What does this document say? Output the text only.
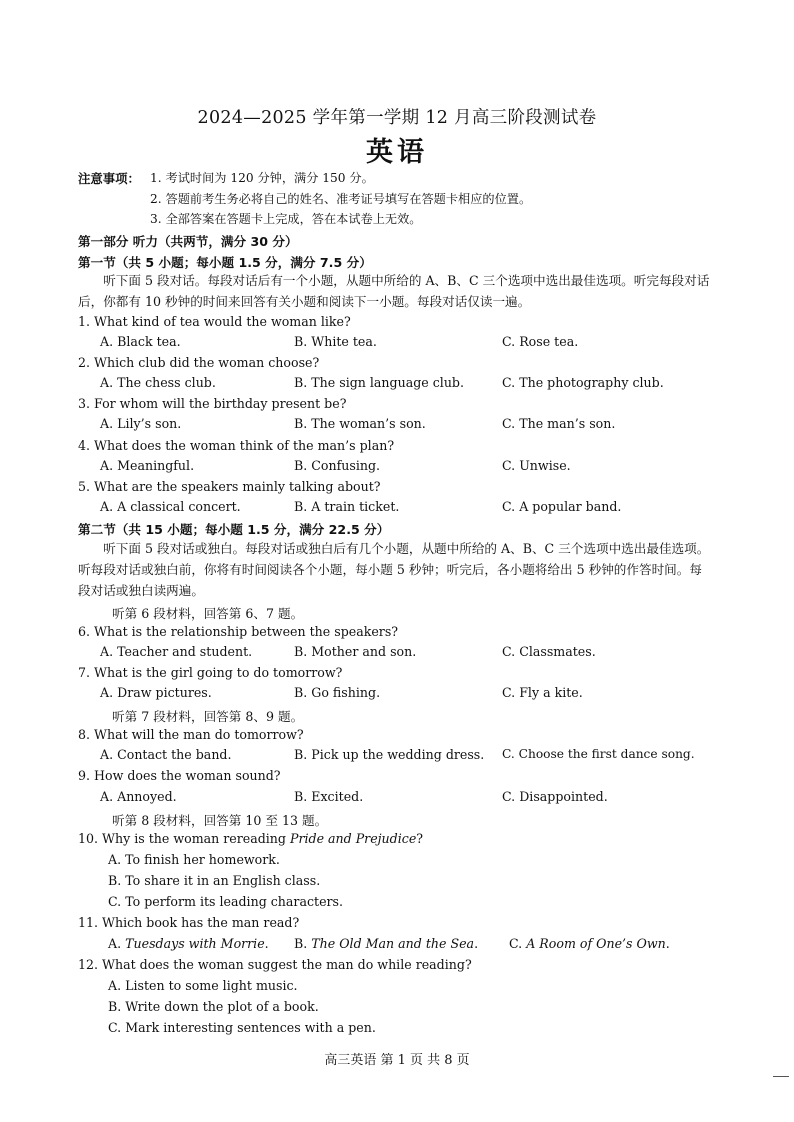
2024—2025 学年第一学期 12 月高三阶段测试卷
英语
注意事项： 1. 考试时间为 120 分钟，满分 150 分。
2. 答题前考生务必将自己的姓名、准考证号填写在答题卡相应的位置。
3. 全部答案在答题卡上完成，答在本试卷上无效。
第一部分 听力（共两节，满分 30 分）
第一节（共 5 小题；每小题 1.5 分，满分 7.5 分）
听下面 5 段对话。每段对话后有一个小题，从题中所给的 A、B、C 三个选项中选出最佳选项。听完每段对话后，你都有 10 秒钟的时间来回答有关小题和阅读下一小题。每段对话仅读一遍。
1. What kind of tea would the woman like?
A. Black tea.	B. White tea.	C. Rose tea.
2. Which club did the woman choose?
A. The chess club.	B. The sign language club.	C. The photography club.
3. For whom will the birthday present be?
A. Lily’s son.	B. The woman’s son.	C. The man’s son.
4. What does the woman think of the man’s plan?
A. Meaningful.	B. Confusing.	C. Unwise.
5. What are the speakers mainly talking about?
A. A classical concert.	B. A train ticket.	C. A popular band.
第二节（共 15 小题；每小题 1.5 分，满分 22.5 分）
听下面 5 段对话或独白。每段对话或独白后有几个小题，从题中所给的 A、B、C 三个选项中选出最佳选项。听每段对话或独白前，你将有时间阅读各个小题，每小题 5 秒钟；听完后，各小题将给出 5 秒钟的作答时间。每段对话或独白读两遍。
听第 6 段材料，回答第 6、7 题。
6. What is the relationship between the speakers?
A. Teacher and student.	B. Mother and son.	C. Classmates.
7. What is the girl going to do tomorrow?
A. Draw pictures.	B. Go fishing.	C. Fly a kite.
听第 7 段材料，回答第 8、9 题。
8. What will the man do tomorrow?
A. Contact the band.	B. Pick up the wedding dress. C. Choose the first dance song.
9. How does the woman sound?
A. Annoyed.	B. Excited.	C. Disappointed.
听第 8 段材料，回答第 10 至 13 题。
10. Why is the woman rereading Pride and Prejudice?
A. To finish her homework.
B. To share it in an English class.
C. To perform its leading characters.
11. Which book has the man read?
A. Tuesdays with Morrie. B. The Old Man and the Sea. C. A Room of One’s Own.
12. What does the woman suggest the man do while reading?
A. Listen to some light music.
B. Write down the plot of a book.
C. Mark interesting sentences with a pen.
高三英语 第 1 页 共 8 页
